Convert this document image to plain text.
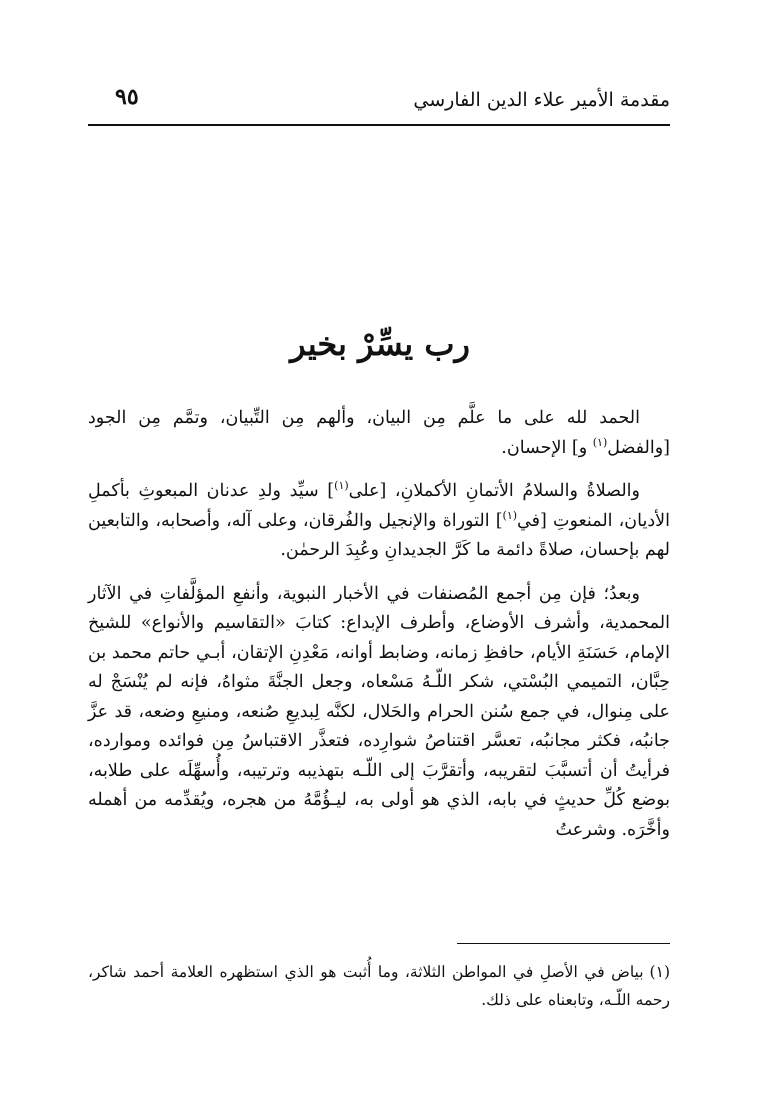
مقدمة الأمير علاء الدين الفارسي
٩٥
رب يسِّرْ بخير

الحمد لله على ما علَّم مِن البيان، وألهم مِن التِّبيان، وتمَّم مِن الجود [والفضل$^{(١)}$ و] الإحسان.

والصلاةُ والسلامُ الأتمانِ الأكملانِ، [على$^{(١)}$] سيِّد ولدِ عدنان المبعوثِ بأكملِ الأديان، المنعوتِ [في$^{(١)}$] التوراة والإنجيل والفُرقان، وعلى آله، وأصحابه، والتابعين لهم بإحسان، صلاةً دائمة ما كَرَّ الجديدانِ وعُبِدَ الرحمٰن.

وبعدُ؛ فإن مِن أجمع المُصنفات في الأخبار النبوية، وأنفعِ المؤلَّفاتِ في الآثار المحمدية، وأشرف الأوضاع، وأطرف الإبداع: كتابَ «التقاسيم والأنواع» للشيخ الإمام، حَسَنَةِ الأيام، حافظِ زمانه، وضابط أوانه، مَعْدِنِ الإتقان، أبـي حاتم محمد بن حِبَّان، التميمي البُسْتي، شكر اللّـهُ مَسْعاه، وجعل الجنَّةَ مثواهُ، فإنه لم يُنْسَجْ له على مِنوال، في جمع سُنن الحرام والحَلال، لكنَّه لِبديعِ صُنعه، ومنيعِ وضعه، قد عزَّ جانبُه، فكثر مجانبُه، تعسَّر اقتناصُ شوارِده، فتعذَّر الاقتباسُ مِن فوائده وموارده، فرأيتُ أن أتسبَّبَ لتقريبه، وأتقرَّبَ إلى اللّـه بتهذيبه وترتيبه، وأُسهِّلَه على طلابه، بوضع كُلِّ حديثٍ في بابه، الذي هو أولى به، ليـؤُمَّهُ من هجره، ويُقدِّمه من أهمله وأخَّرَه. وشرعتُ

(١)بياض في الأصلِ في المواطن الثلاثة، وما أُثبت هو الذي استظهره العلامة أحمد شاكر، رحمه اللّـه، وتابعناه على ذلك.
